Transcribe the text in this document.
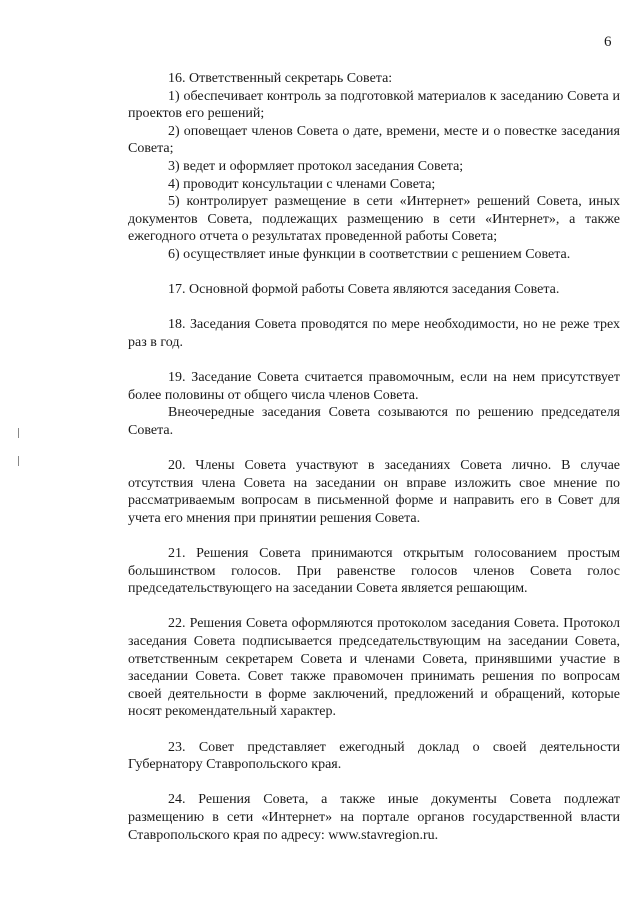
6

16. Ответственный секретарь Совета:

1) обеспечивает контроль за подготовкой материалов к заседанию Совета и проектов его решений;

2) оповещает членов Совета о дате, времени, месте и о повестке заседания Совета;

3) ведет и оформляет протокол заседания Совета;

4) проводит консультации с членами Совета;

5) контролирует размещение в сети «Интернет» решений Совета, иных документов Совета, подлежащих размещению в сети «Интернет», а также ежегодного отчета о результатах проведенной работы Совета;

6) осуществляет иные функции в соответствии с решением Совета.

17. Основной формой работы Совета являются заседания Совета.

18. Заседания Совета проводятся по мере необходимости, но не реже трех раз в год.

19. Заседание Совета считается правомочным, если на нем присутствует более половины от общего числа членов Совета.

Внеочередные заседания Совета созываются по решению председателя Совета.

20. Члены Совета участвуют в заседаниях Совета лично. В случае отсутствия члена Совета на заседании он вправе изложить свое мнение по рассматриваемым вопросам в письменной форме и направить его в Совет для учета его мнения при принятии решения Совета.

21. Решения Совета принимаются открытым голосованием простым большинством голосов. При равенстве голосов членов Совета голос председательствующего на заседании Совета является решающим.

22. Решения Совета оформляются протоколом заседания Совета. Протокол заседания Совета подписывается председательствующим на заседании Совета, ответственным секретарем Совета и членами Совета, принявшими участие в заседании Совета. Совет также правомочен принимать решения по вопросам своей деятельности в форме заключений, предложений и обращений, которые носят рекомендательный характер.

23. Совет представляет ежегодный доклад о своей деятельности Губернатору Ставропольского края.

24. Решения Совета, а также иные документы Совета подлежат размещению в сети «Интернет» на портале органов государственной власти Ставропольского края по адресу: www.stavregion.ru.
